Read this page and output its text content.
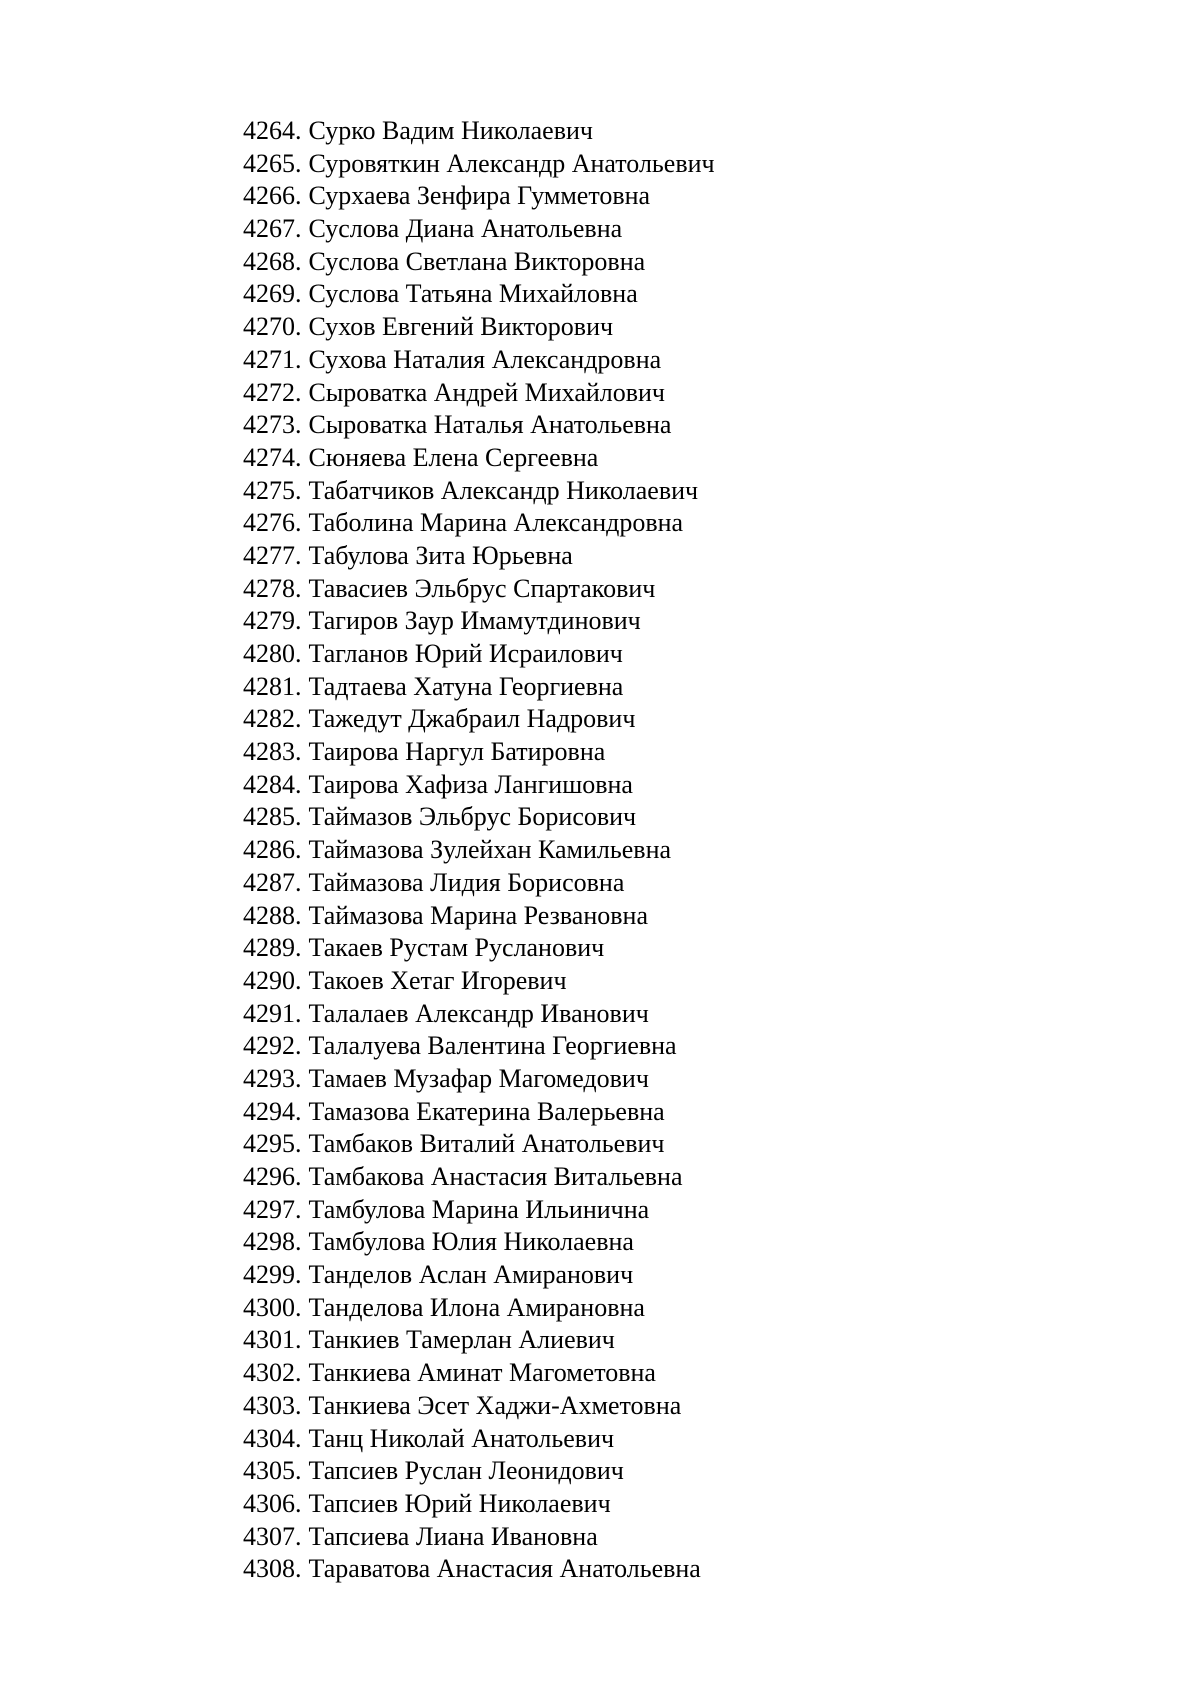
4264. Сурко Вадим Николаевич
4265. Суровяткин Александр Анатольевич
4266. Сурхаева Зенфира Гумметовна
4267. Суслова Диана Анатольевна
4268. Суслова Светлана Викторовна
4269. Суслова Татьяна Михайловна
4270. Сухов Евгений Викторович
4271. Сухова Наталия Александровна
4272. Сыроватка Андрей Михайлович
4273. Сыроватка Наталья Анатольевна
4274. Сюняева Елена Сергеевна
4275. Табатчиков Александр Николаевич
4276. Таболина Марина Александровна
4277. Табулова Зита Юрьевна
4278. Тавасиев Эльбрус Спартакович
4279. Тагиров Заур Имамутдинович
4280. Тагланов Юрий Исраилович
4281. Тадтаева Хатуна Георгиевна
4282. Тажедут Джабраил Надрович
4283. Таирова Наргул Батировна
4284. Таирова Хафиза Лангишовна
4285. Таймазов Эльбрус Борисович
4286. Таймазова Зулейхан Камильевна
4287. Таймазова Лидия Борисовна
4288. Таймазова Марина Резвановна
4289. Такаев Рустам Русланович
4290. Такоев Хетаг Игоревич
4291. Талалаев Александр Иванович
4292. Талалуева Валентина Георгиевна
4293. Тамаев Музафар Магомедович
4294. Тамазова Екатерина Валерьевна
4295. Тамбаков Виталий Анатольевич
4296. Тамбакова Анастасия Витальевна
4297. Тамбулова Марина Ильинична
4298. Тамбулова Юлия Николаевна
4299. Танделов Аслан Амиранович
4300. Танделова Илона Амирановна
4301. Танкиев Тамерлан Алиевич
4302. Танкиева Аминат Магометовна
4303. Танкиева Эсет Хаджи-Ахметовна
4304. Танц Николай Анатольевич
4305. Тапсиев Руслан Леонидович
4306. Тапсиев Юрий Николаевич
4307. Тапсиева Лиана Ивановна
4308. Тараватова Анастасия Анатольевна
